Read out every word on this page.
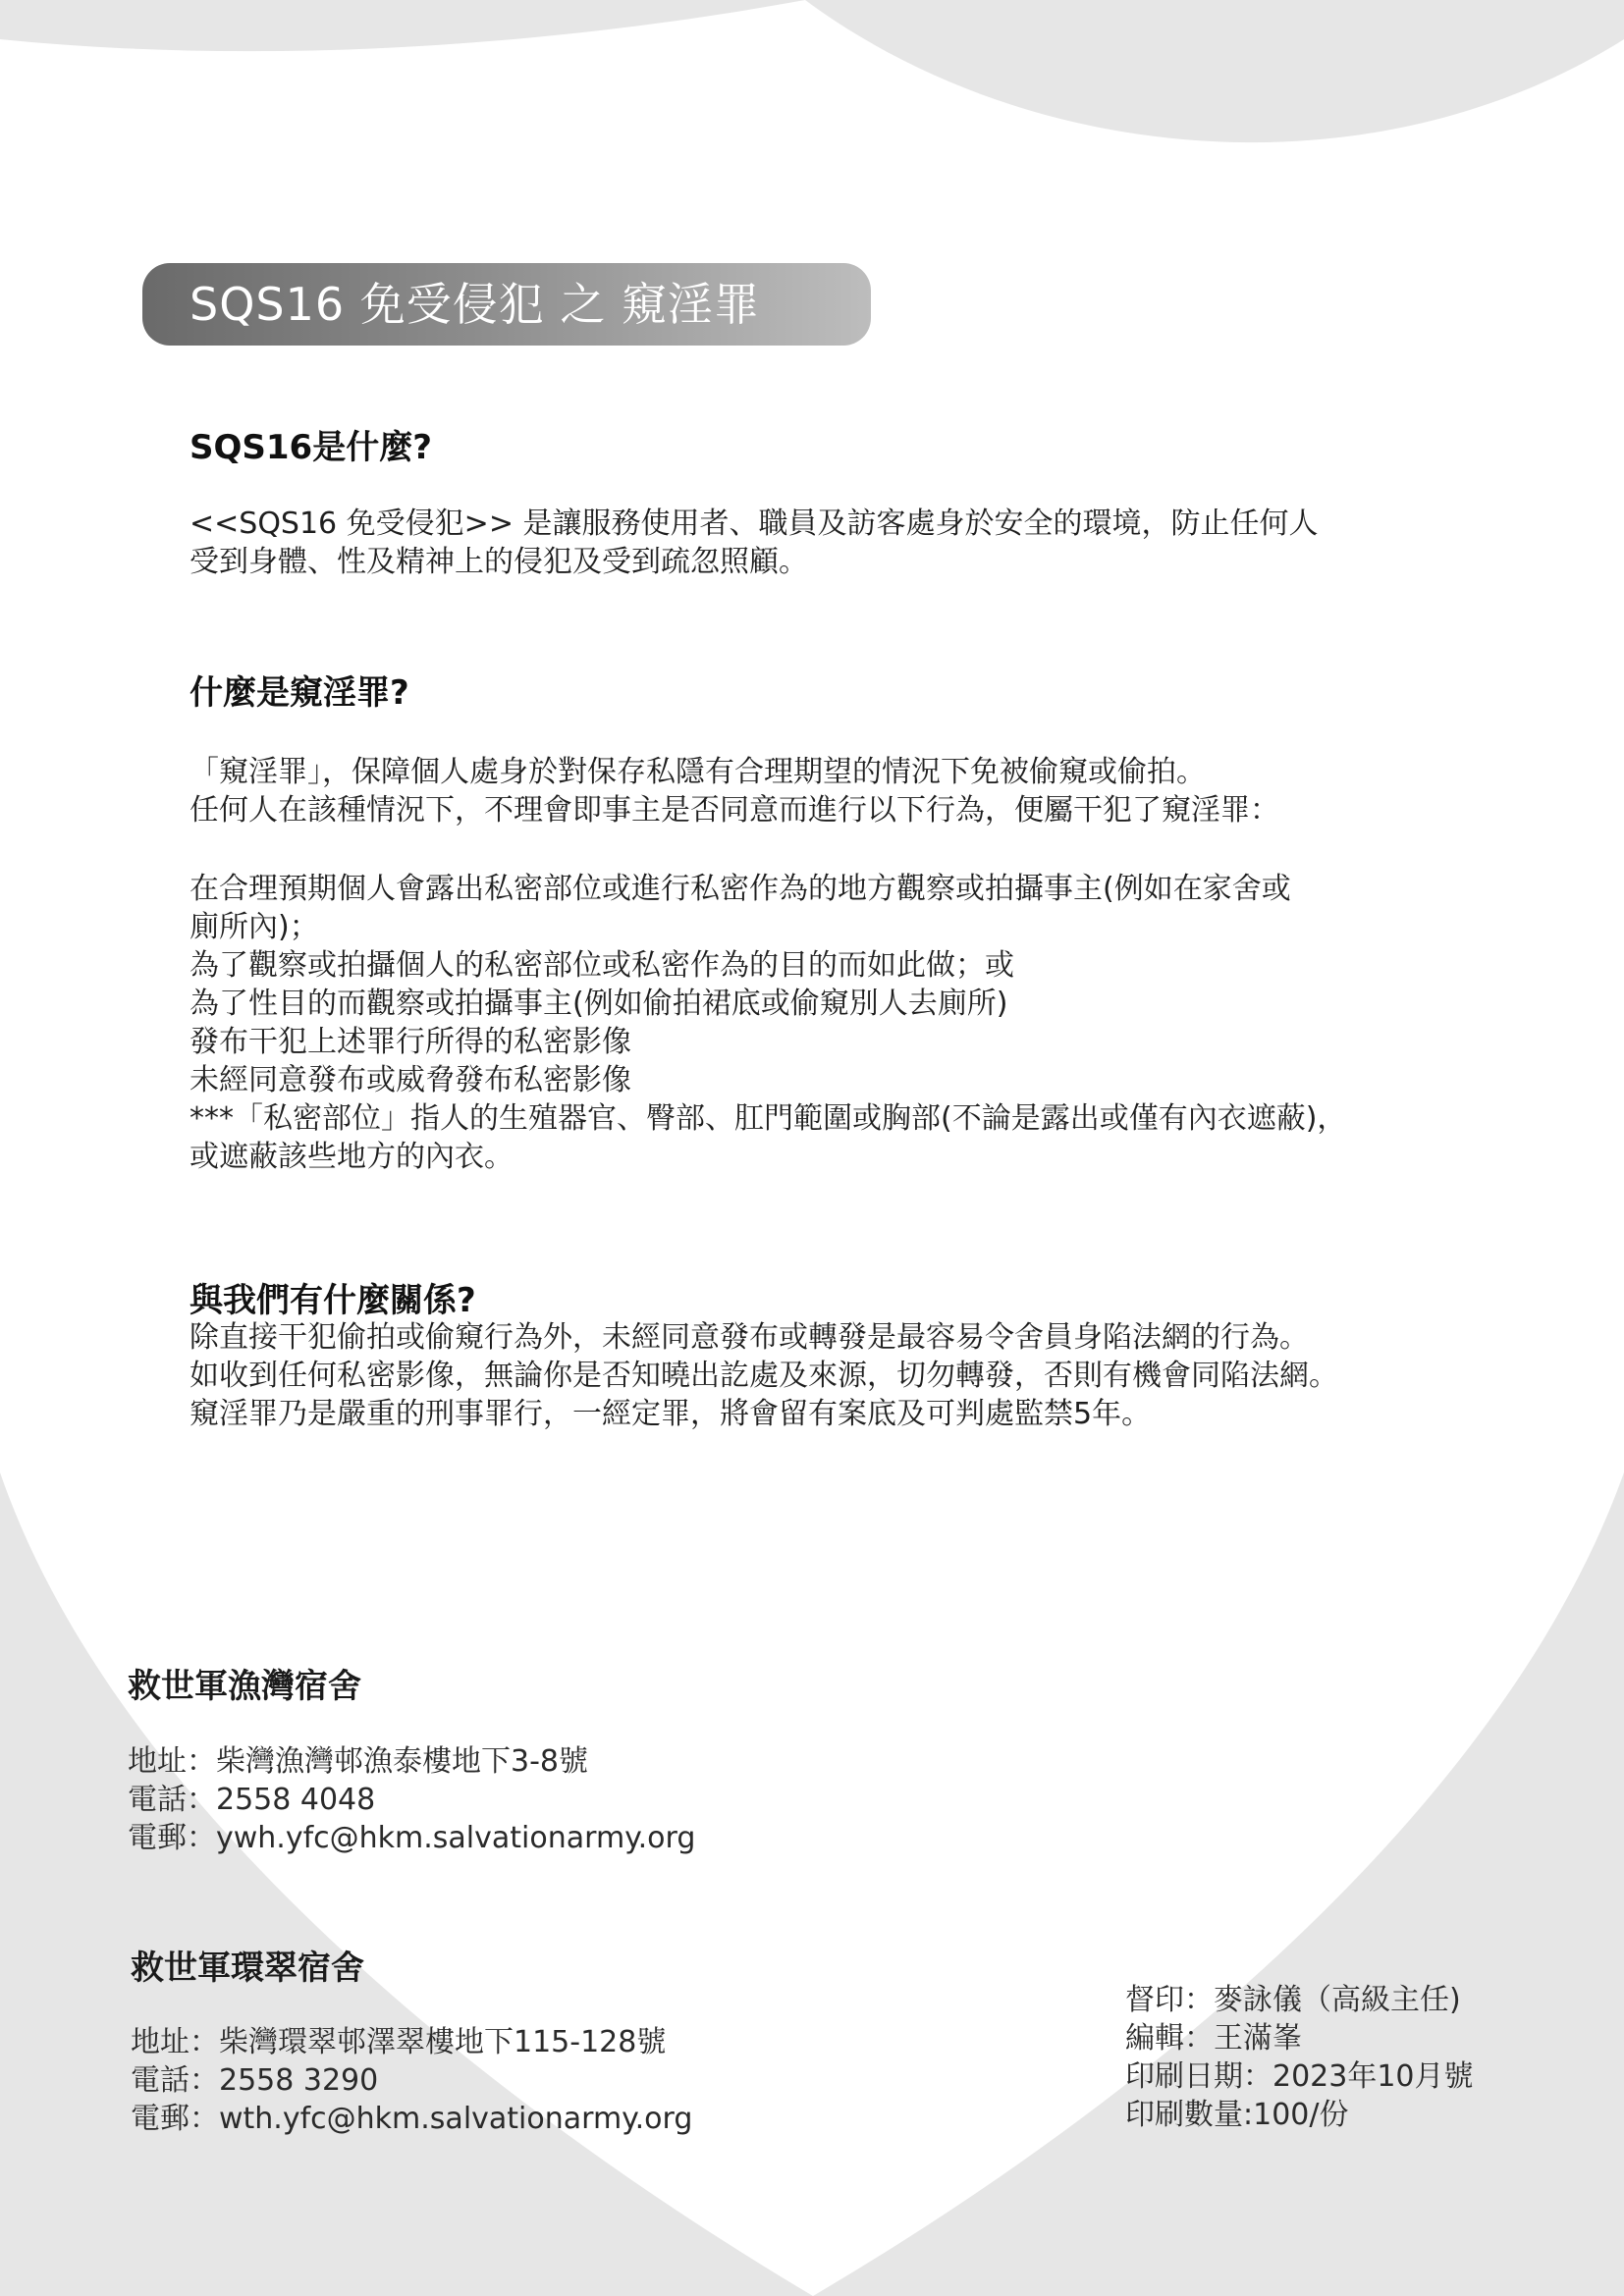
SQS16 免受侵犯 之 窺淫罪
SQS16是什麼?
<<SQS16 免受侵犯>> 是讓服務使用者、職員及訪客處身於安全的環境，防止任何人
受到身體、性及精神上的侵犯及受到疏忽照顧。
什麼是窺淫罪?
「窺淫罪」，保障個人處身於對保存私隱有合理期望的情況下免被偷窺或偷拍。
任何人在該種情況下，不理會即事主是否同意而進行以下行為，便屬干犯了窺淫罪：
在合理預期個人會露出私密部位或進行私密作為的地方觀察或拍攝事主(例如在家舍或
廁所內)；
為了觀察或拍攝個人的私密部位或私密作為的目的而如此做；或
為了性目的而觀察或拍攝事主(例如偷拍裙底或偷窺別人去廁所)
發布干犯上述罪行所得的私密影像
未經同意發布或威脅發布私密影像
***「私密部位」指人的生殖器官、臀部、肛門範圍或胸部(不論是露出或僅有內衣遮蔽)，
或遮蔽該些地方的內衣。
與我們有什麼關係?
除直接干犯偷拍或偷窺行為外，未經同意發布或轉發是最容易令舍員身陷法網的行為。
如收到任何私密影像，無論你是否知曉出訖處及來源，切勿轉發，否則有機會同陷法網。
窺淫罪乃是嚴重的刑事罪行，一經定罪，將會留有案底及可判處監禁5年。
救世軍漁灣宿舍
地址：柴灣漁灣邨漁泰樓地下3-8號
電話：2558 4048
電郵：ywh.yfc@hkm.salvationarmy.org
救世軍環翠宿舍
地址：柴灣環翠邨澤翠樓地下115-128號
電話：2558 3290
電郵：wth.yfc@hkm.salvationarmy.org
督印：麥詠儀（高級主任)
編輯：王滿峯
印刷日期：2023年10月號
印刷數量:100/份
